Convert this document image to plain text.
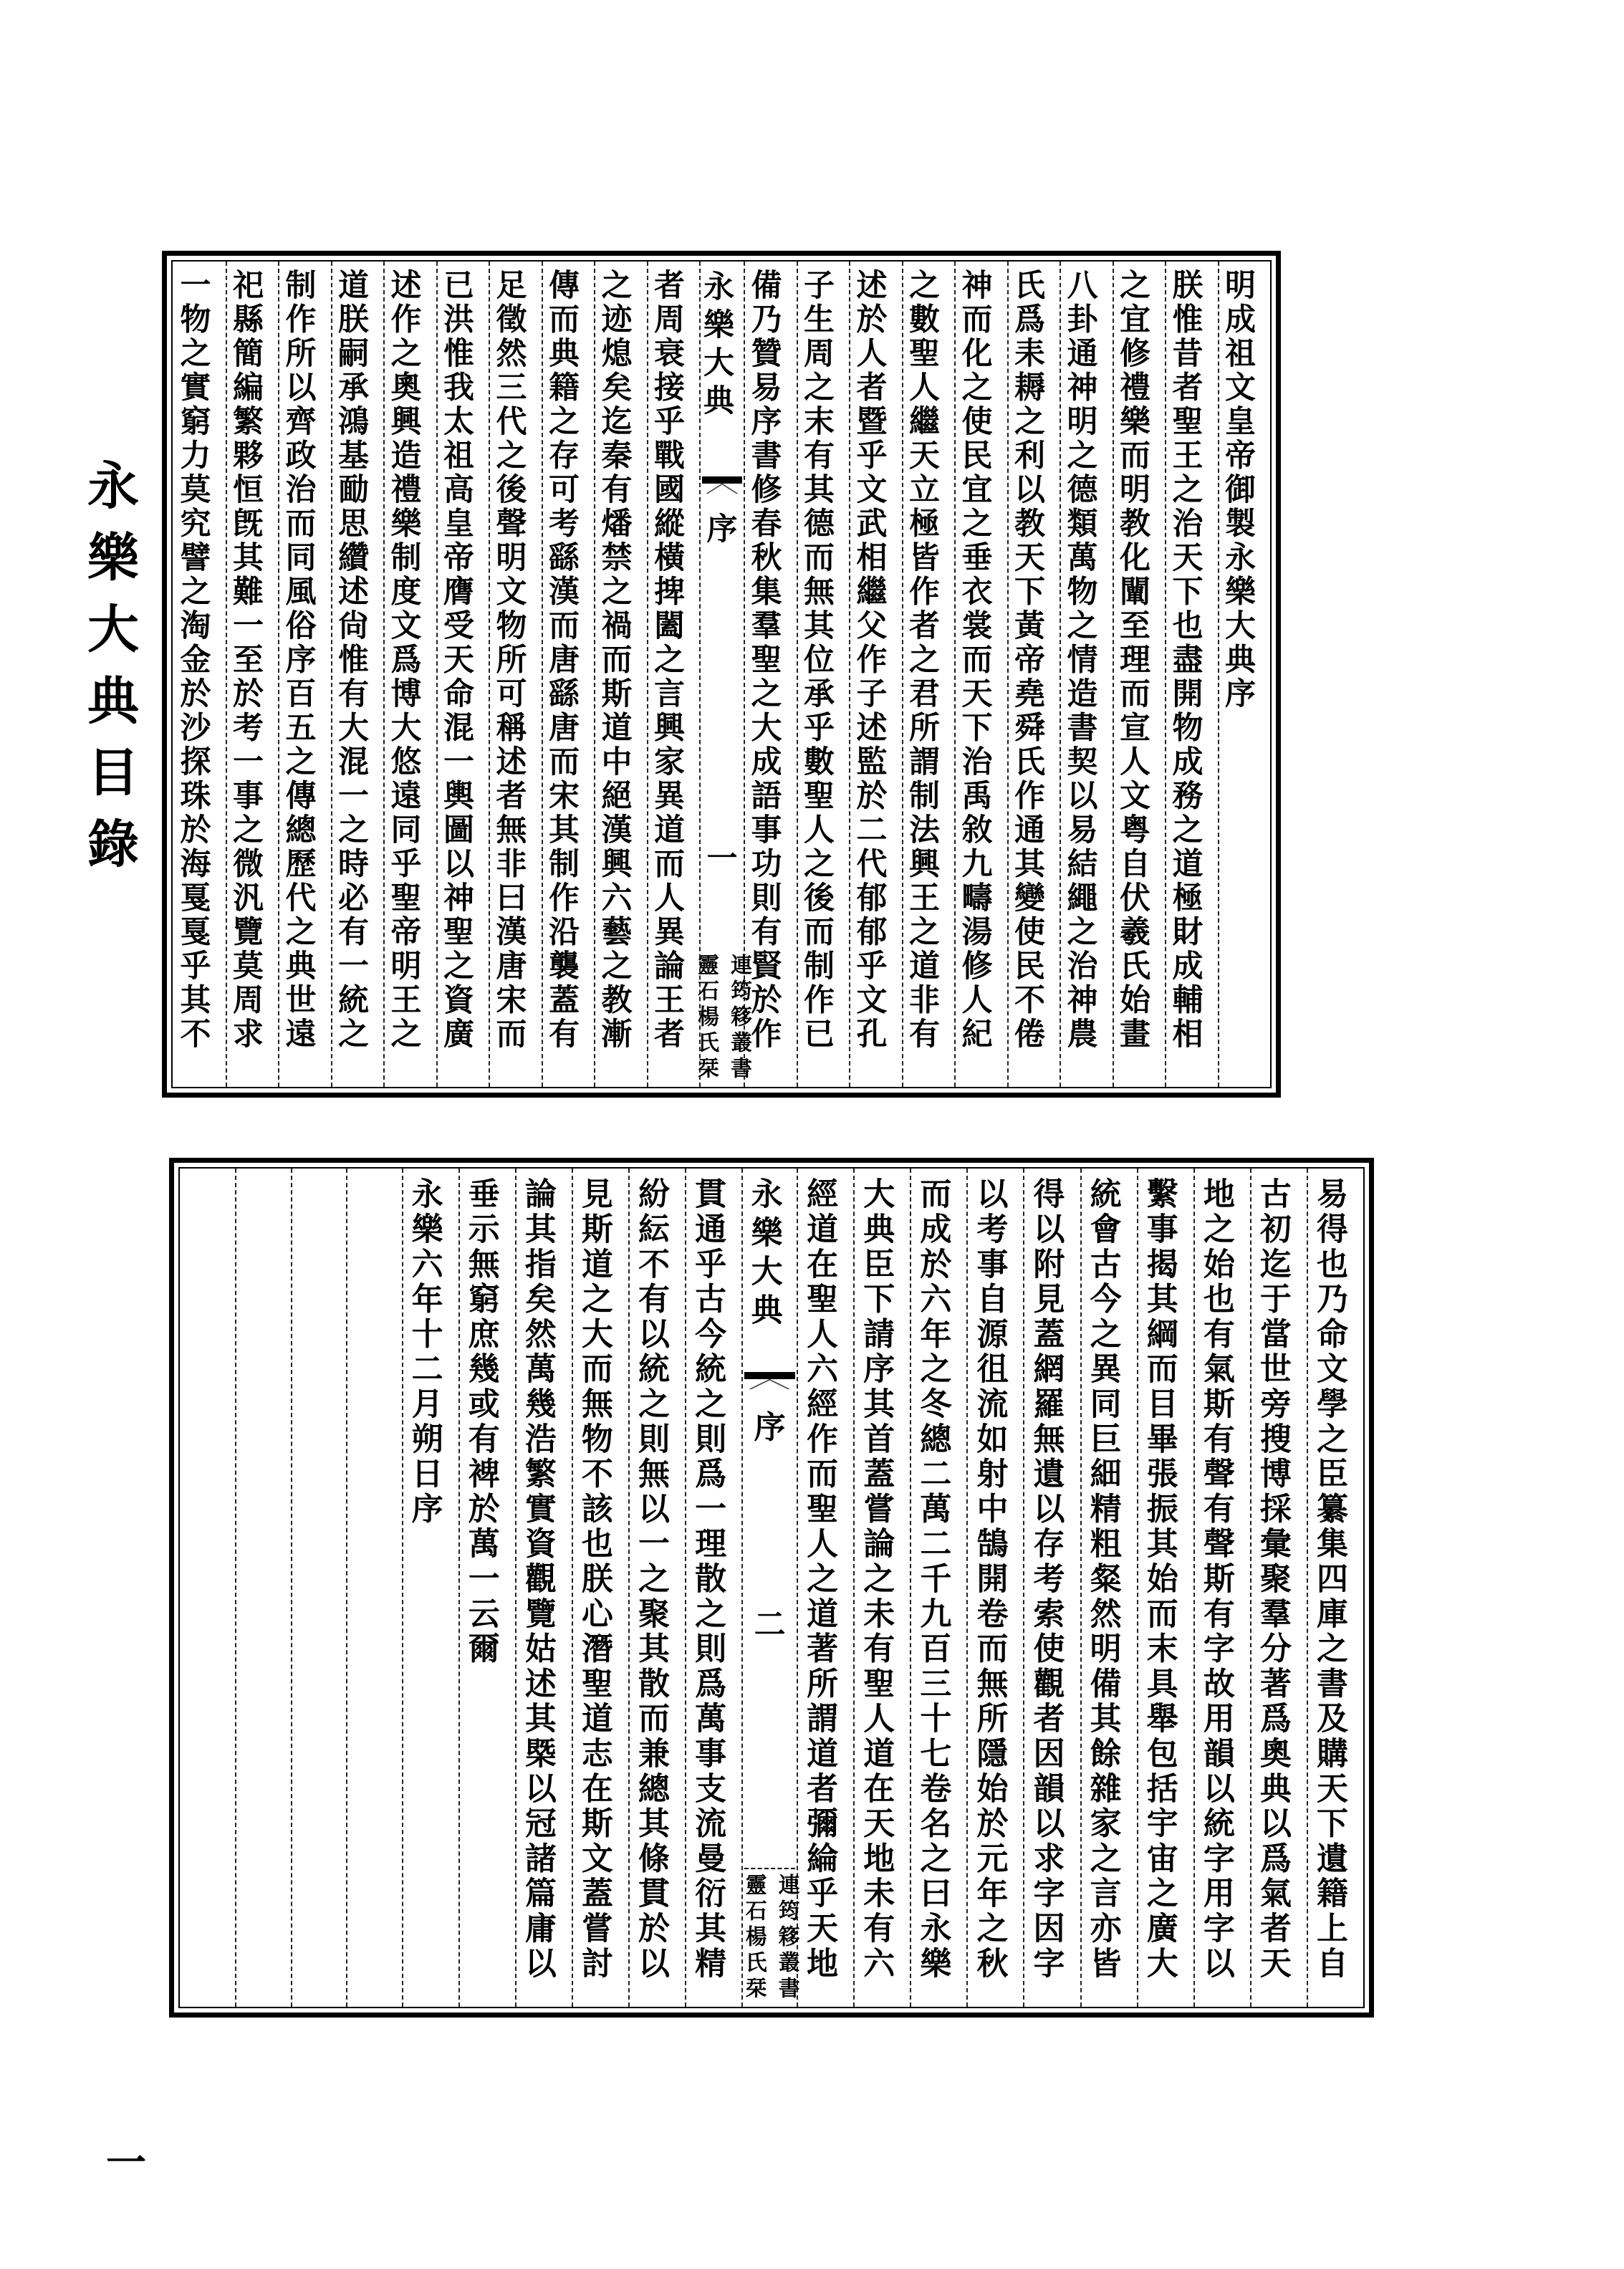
永樂大典目錄
一
明成祖文皇帝御製永樂大典序
朕惟昔者聖王之治天下也盡開物成務之道極財成輔相
之宜修禮樂而明教化闡至理而宣人文粤自伏羲氏始畫
八卦通神明之德類萬物之情造書契以易結繩之治神農
氏爲耒耨之利以教天下黃帝堯舜氏作通其變使民不倦
神而化之使民宜之垂衣裳而天下治禹敘九疇湯修人紀
之數聖人繼天立極皆作者之君所謂制法興王之道非有
述於人者暨乎文武相繼父作子述監於二代郁郁乎文孔
子生周之末有其德而無其位承乎數聖人之後而制作已
備乃贊易序書修春秋集羣聖之大成語事功則有賢於作
永樂大典
序
一
連筠簃叢書
靈石楊氏栞
者周衰接乎戰國縱橫捭闔之言興家異道而人異論王者
之迹熄矣迄秦有燔禁之禍而斯道中絕漢興六藝之教漸
傳而典籍之存可考繇漢而唐繇唐而宋其制作沿襲蓋有
足徵然三代之後聲明文物所可稱述者無非曰漢唐宋而
已洪惟我太祖高皇帝膺受天命混一輿圖以神聖之資廣
述作之奧興造禮樂制度文爲博大悠遠同乎聖帝明王之
道朕嗣承鴻基勔思纘述尙惟有大混一之時必有一統之
制作所以齊政治而同風俗序百五之傳總歷代之典世遠
祀縣簡編繁夥恒旣其難一至於考一事之微汎覽莫周求
一物之實窮力莫究譬之淘金於沙探珠於海戛戛乎其不
易得也乃命文學之臣纂集四庫之書及購天下遺籍上自
古初迄于當世旁搜博採彙聚羣分著爲奧典以爲氣者天
地之始也有氣斯有聲有聲斯有字故用韻以統字用字以
繫事揭其綱而目畢張振其始而末具舉包括宇宙之廣大
統會古今之異同巨細精粗粲然明備其餘雜家之言亦皆
得以附見蓋網羅無遺以存考索使觀者因韻以求字因字
以考事自源徂流如射中鵠開卷而無所隱始於元年之秋
而成於六年之冬總二萬二千九百三十七卷名之曰永樂
大典臣下請序其首蓋嘗論之未有聖人道在天地未有六
經道在聖人六經作而聖人之道著所謂道者彌綸乎天地
永樂大典
序
二
連筠簃叢書
靈石楊氏栞
貫通乎古今統之則爲一理散之則爲萬事支流曼衍其精
紛紜不有以統之則無以一之聚其散而兼總其條貫於以
見斯道之大而無物不該也朕心潛聖道志在斯文蓋嘗討
論其指矣然萬幾浩繁實資觀覽姑述其槩以冠諸篇庸以
垂示無窮庶幾或有裨於萬一云爾
永樂六年十二月朔日序
